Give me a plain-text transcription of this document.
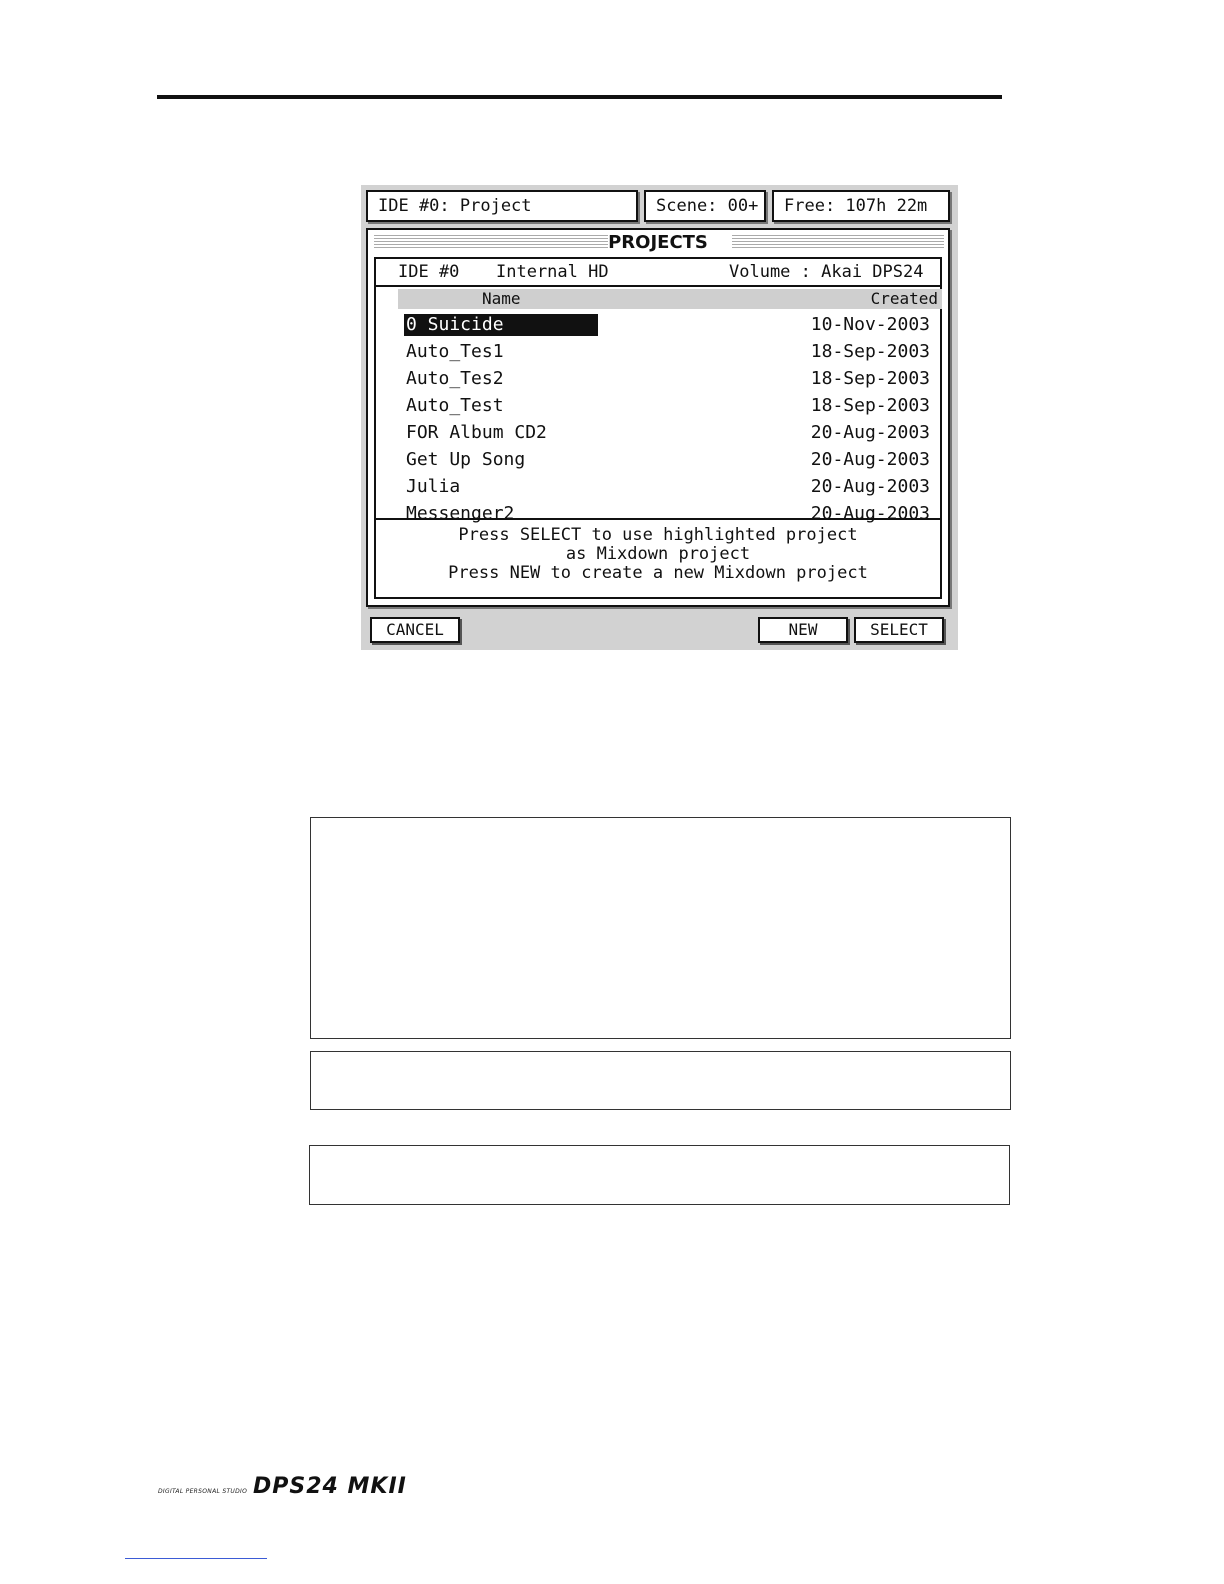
IDE #0: Project	Scene: 00+	Free: 107h 22m
PROJECTS
IDE #0 Internal HD	Volume : Akai DPS24
Name	Created
0 Suicide	10-Nov-2003
Auto_Tes1	18-Sep-2003
Auto_Tes2	18-Sep-2003
Auto_Test	18-Sep-2003
FOR Album CD2	20-Aug-2003
Get Up Song	20-Aug-2003
Julia	20-Aug-2003
Messenger2	20-Aug-2003
Press SELECT to use highlighted project
as Mixdown project
Press NEW to create a new Mixdown project
CANCEL	NEW	SELECT
DIGITAL PERSONAL STUDIO DPS24 MKII
